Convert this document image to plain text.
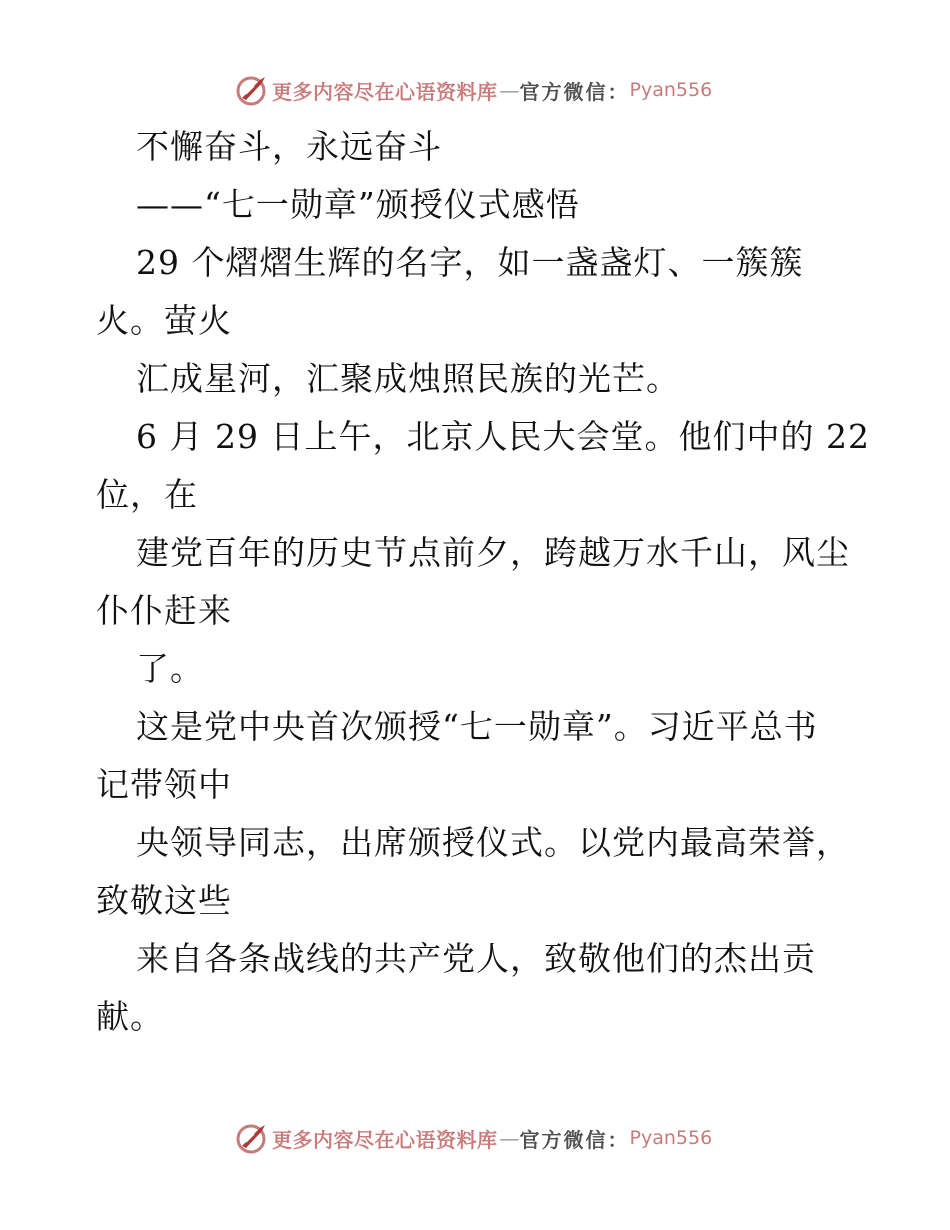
更多内容尽在心语资料库 — 官方微信： Pyan556
不懈奋斗，永远奋斗
——“七一勋章”颁授仪式感悟
29 个熠熠生辉的名字，如一盏盏灯、一簇簇
火。萤火
汇成星河，汇聚成烛照民族的光芒。
6 月 29 日上午，北京人民大会堂。他们中的 22
位，在
建党百年的历史节点前夕，跨越万水千山，风尘
仆仆赶来
了。
这是党中央首次颁授“七一勋章”。习近平总书
记带领中
央领导同志，出席颁授仪式。以党内最高荣誉，
致敬这些
来自各条战线的共产党人，致敬他们的杰出贡
献。
更多内容尽在心语资料库 — 官方微信： Pyan556
